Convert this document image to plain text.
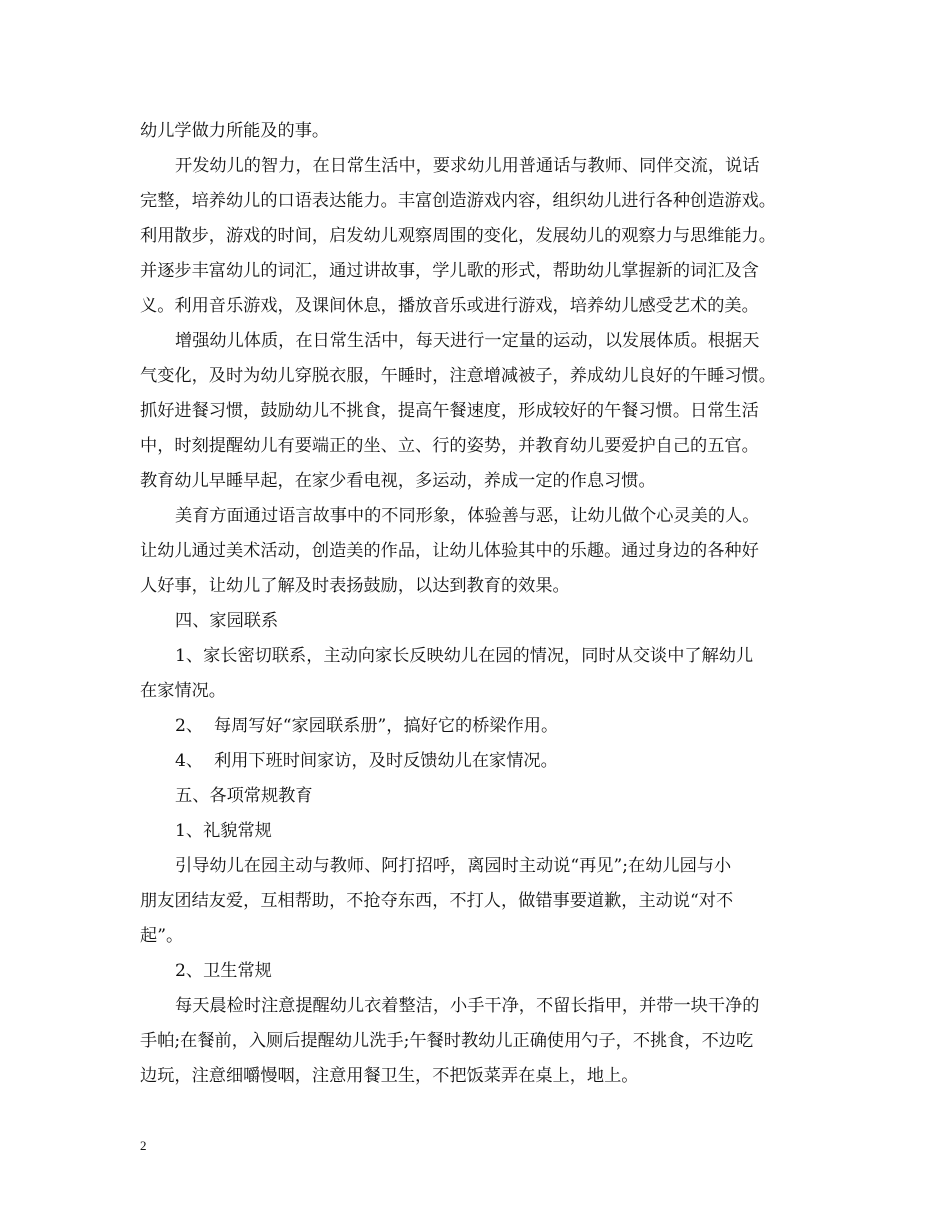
幼儿学做力所能及的事。
开发幼儿的智力，在日常生活中，要求幼儿用普通话与教师、同伴交流，说话
完整，培养幼儿的口语表达能力。丰富创造游戏内容，组织幼儿进行各种创造游戏。
利用散步，游戏的时间，启发幼儿观察周围的变化，发展幼儿的观察力与思维能力。
并逐步丰富幼儿的词汇，通过讲故事，学儿歌的形式，帮助幼儿掌握新的词汇及含
义。利用音乐游戏，及课间休息，播放音乐或进行游戏，培养幼儿感受艺术的美。
增强幼儿体质，在日常生活中，每天进行一定量的运动，以发展体质。根据天
气变化，及时为幼儿穿脱衣服，午睡时，注意增减被子，养成幼儿良好的午睡习惯。
抓好进餐习惯，鼓励幼儿不挑食，提高午餐速度，形成较好的午餐习惯。日常生活
中，时刻提醒幼儿有要端正的坐、立、行的姿势，并教育幼儿要爱护自己的五官。
教育幼儿早睡早起，在家少看电视，多运动，养成一定的作息习惯。
美育方面通过语言故事中的不同形象，体验善与恶，让幼儿做个心灵美的人。
让幼儿通过美术活动，创造美的作品，让幼儿体验其中的乐趣。通过身边的各种好
人好事，让幼儿了解及时表扬鼓励，以达到教育的效果。
四、家园联系
1、家长密切联系，主动向家长反映幼儿在园的情况，同时从交谈中了解幼儿
在家情况。
2、  每周写好“家园联系册”，搞好它的桥梁作用。
4、  利用下班时间家访，及时反馈幼儿在家情况。
五、各项常规教育
1、礼貌常规
引导幼儿在园主动与教师、阿打招呼，离园时主动说“再见”;在幼儿园与小
朋友团结友爱，互相帮助，不抢夺东西，不打人，做错事要道歉，主动说“对不
起”。
2、卫生常规
每天晨检时注意提醒幼儿衣着整洁，小手干净，不留长指甲，并带一块干净的
手帕;在餐前，入厕后提醒幼儿洗手;午餐时教幼儿正确使用勺子，不挑食，不边吃
边玩，注意细嚼慢咽，注意用餐卫生，不把饭菜弄在桌上，地上。
2
